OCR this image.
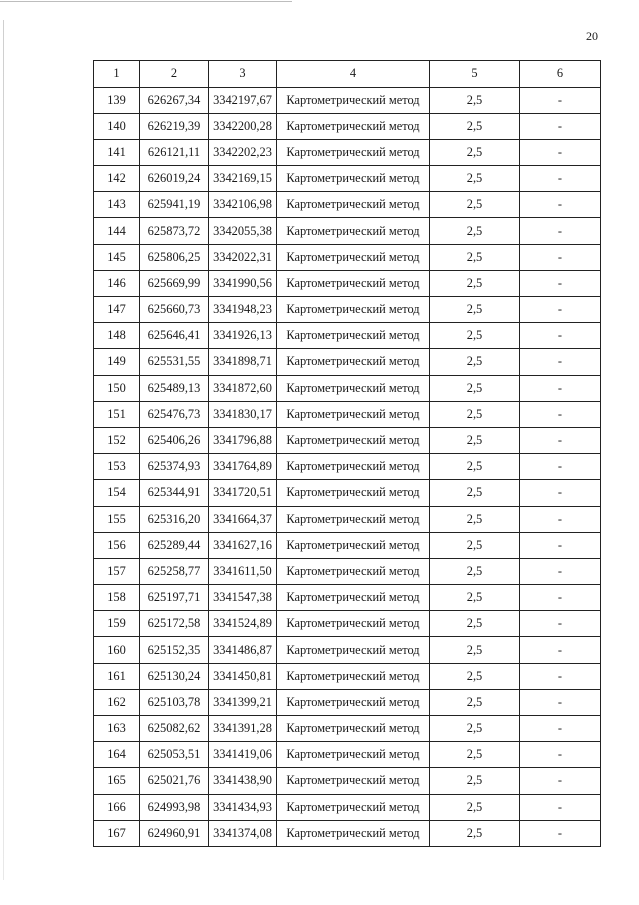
20
1	2	3	4	5	6
139	626267,34	3342197,67	Картометрический метод	2,5	-
140	626219,39	3342200,28	Картометрический метод	2,5	-
141	626121,11	3342202,23	Картометрический метод	2,5	-
142	626019,24	3342169,15	Картометрический метод	2,5	-
143	625941,19	3342106,98	Картометрический метод	2,5	-
144	625873,72	3342055,38	Картометрический метод	2,5	-
145	625806,25	3342022,31	Картометрический метод	2,5	-
146	625669,99	3341990,56	Картометрический метод	2,5	-
147	625660,73	3341948,23	Картометрический метод	2,5	-
148	625646,41	3341926,13	Картометрический метод	2,5	-
149	625531,55	3341898,71	Картометрический метод	2,5	-
150	625489,13	3341872,60	Картометрический метод	2,5	-
151	625476,73	3341830,17	Картометрический метод	2,5	-
152	625406,26	3341796,88	Картометрический метод	2,5	-
153	625374,93	3341764,89	Картометрический метод	2,5	-
154	625344,91	3341720,51	Картометрический метод	2,5	-
155	625316,20	3341664,37	Картометрический метод	2,5	-
156	625289,44	3341627,16	Картометрический метод	2,5	-
157	625258,77	3341611,50	Картометрический метод	2,5	-
158	625197,71	3341547,38	Картометрический метод	2,5	-
159	625172,58	3341524,89	Картометрический метод	2,5	-
160	625152,35	3341486,87	Картометрический метод	2,5	-
161	625130,24	3341450,81	Картометрический метод	2,5	-
162	625103,78	3341399,21	Картометрический метод	2,5	-
163	625082,62	3341391,28	Картометрический метод	2,5	-
164	625053,51	3341419,06	Картометрический метод	2,5	-
165	625021,76	3341438,90	Картометрический метод	2,5	-
166	624993,98	3341434,93	Картометрический метод	2,5	-
167	624960,91	3341374,08	Картометрический метод	2,5	-
